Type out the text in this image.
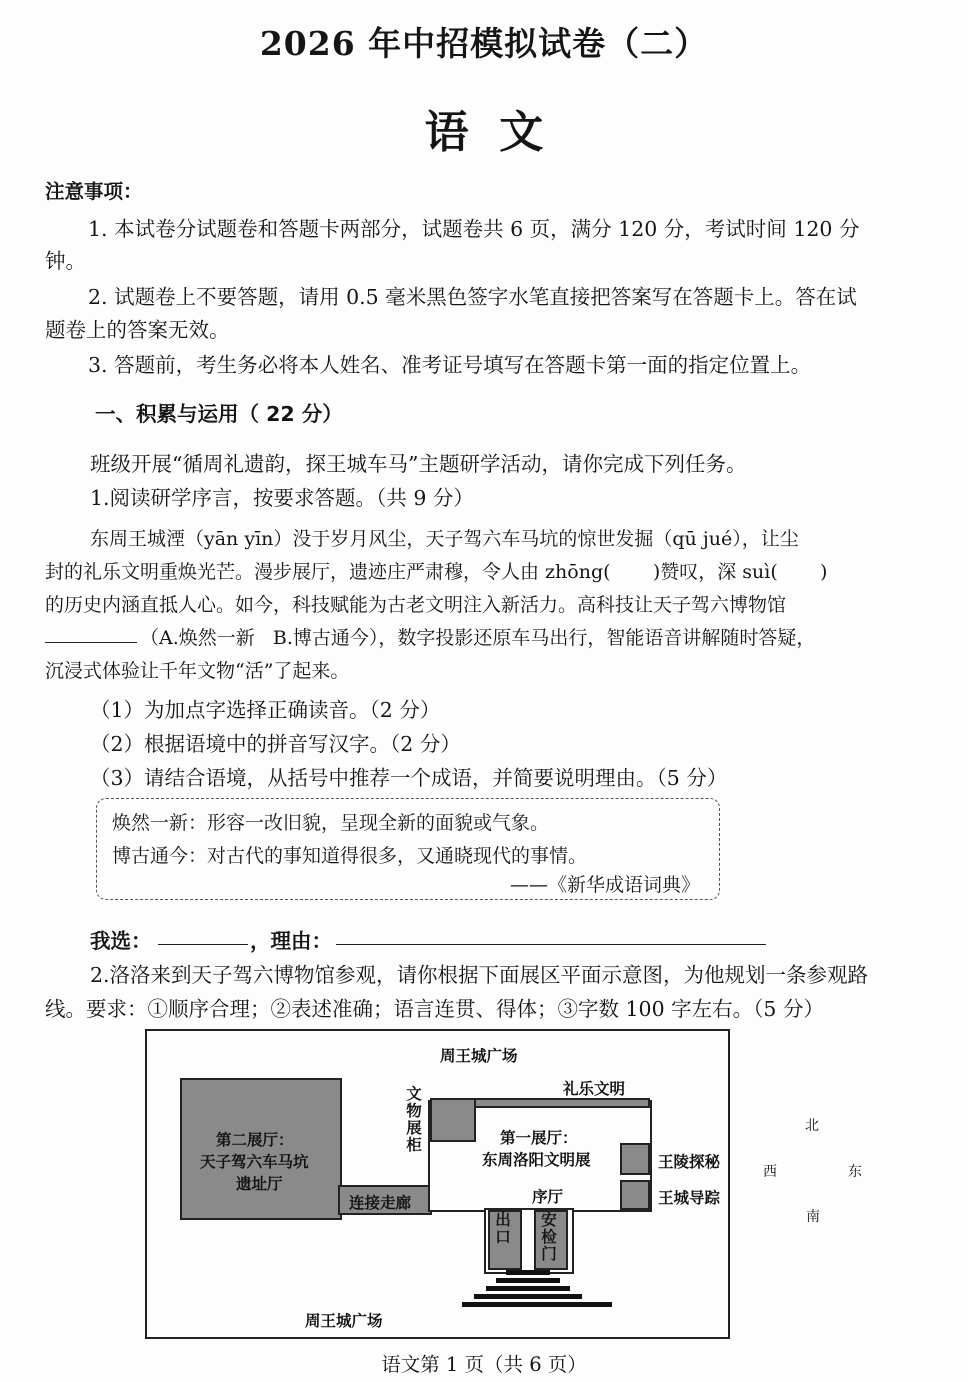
2026 年中招模拟试卷（二）
语  文
注意事项：
1. 本试卷分试题卷和答题卡两部分，试题卷共 6 页，满分 120 分，考试时间 120 分
钟。
2. 试题卷上不要答题，请用 0.5 毫米黑色签字水笔直接把答案写在答题卡上。答在试
题卷上的答案无效。
3. 答题前，考生务必将本人姓名、准考证号填写在答题卡第一面的指定位置上。
一、积累与运用（ 22 分）
班级开展“循周礼遗韵，探王城车马”主题研学活动，请你完成下列任务。
1.阅读研学序言，按要求答题。（共 9 分）
东周王城湮（yān yīn）没于岁月风尘，天子驾六车马坑的惊世发掘（qū jué），让尘
封的礼乐文明重焕光芒。漫步展厅，遗迹庄严肃穆，令人由 zhōng(       )赞叹，深 suì(       )
的历史内涵直抵人心。如今，科技赋能为古老文明注入新活力。高科技让天子驾六博物馆
（A.焕然一新   B.博古通今），数字投影还原车马出行，智能语音讲解随时答疑，
沉浸式体验让千年文物“活”了起来。
（1）为加点字选择正确读音。（2 分）
（2）根据语境中的拼音写汉字。（2 分）
（3）请结合语境，从括号中推荐一个成语，并简要说明理由。（5 分）
焕然一新：形容一改旧貌，呈现全新的面貌或气象。
博古通今：对古代的事知道得很多，又通晓现代的事情。
——《新华成语词典》
我选：	，理由：
2.洛洛来到天子驾六博物馆参观，请你根据下面展区平面示意图，为他规划一条参观路
线。要求：①顺序合理；②表述准确；语言连贯、得体；③字数 100 字左右。（5 分）
周王城广场
第二展厅：
天子驾六车马坑
遗址厅
连接走廊
第一展厅：
东周洛阳文明展
序厅
文物展柜
礼乐文明
王陵探秘
王城导踪
出口
安检门
周王城广场
北
西	东
南
语文第 1 页（共 6 页）
